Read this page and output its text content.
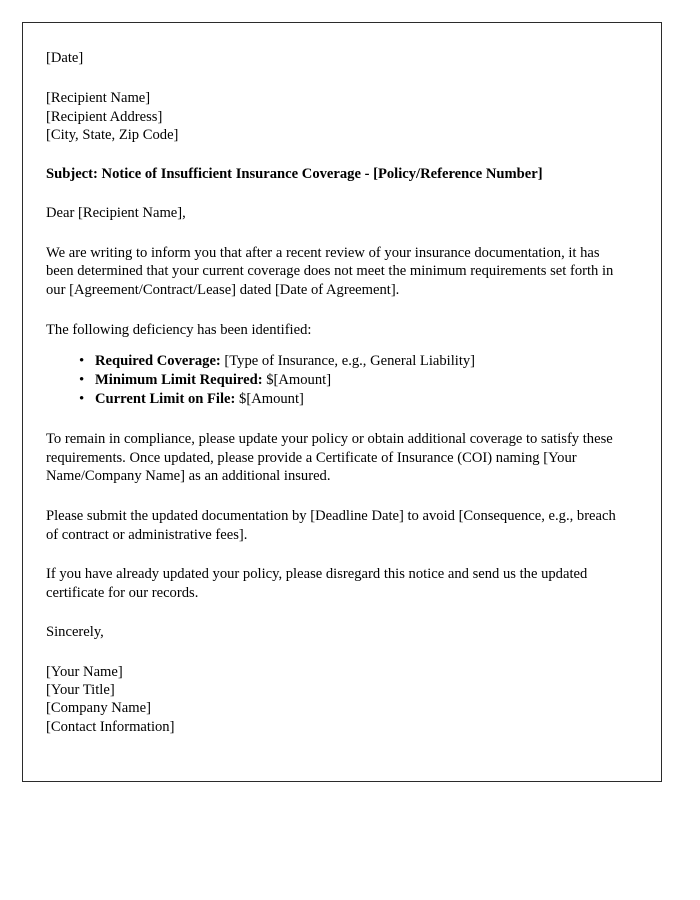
[Date]
[Recipient Name]
[Recipient Address]
[City, State, Zip Code]
Subject: Notice of Insufficient Insurance Coverage - [Policy/Reference Number]
Dear [Recipient Name],

We are writing to inform you that after a recent review of your insurance documentation, it has been determined that your current coverage does not meet the minimum requirements set forth in our [Agreement/Contract/Lease] dated [Date of Agreement].

The following deficiency has been identified:

• Required Coverage: [Type of Insurance, e.g., General Liability]
• Minimum Limit Required: $[Amount]
• Current Limit on File: $[Amount]

To remain in compliance, please update your policy or obtain additional coverage to satisfy these requirements. Once updated, please provide a Certificate of Insurance (COI) naming [Your Name/Company Name] as an additional insured.

Please submit the updated documentation by [Deadline Date] to avoid [Consequence, e.g., breach of contract or administrative fees].

If you have already updated your policy, please disregard this notice and send us the updated certificate for our records.

Sincerely,
[Your Name]
[Your Title]
[Company Name]
[Contact Information]
